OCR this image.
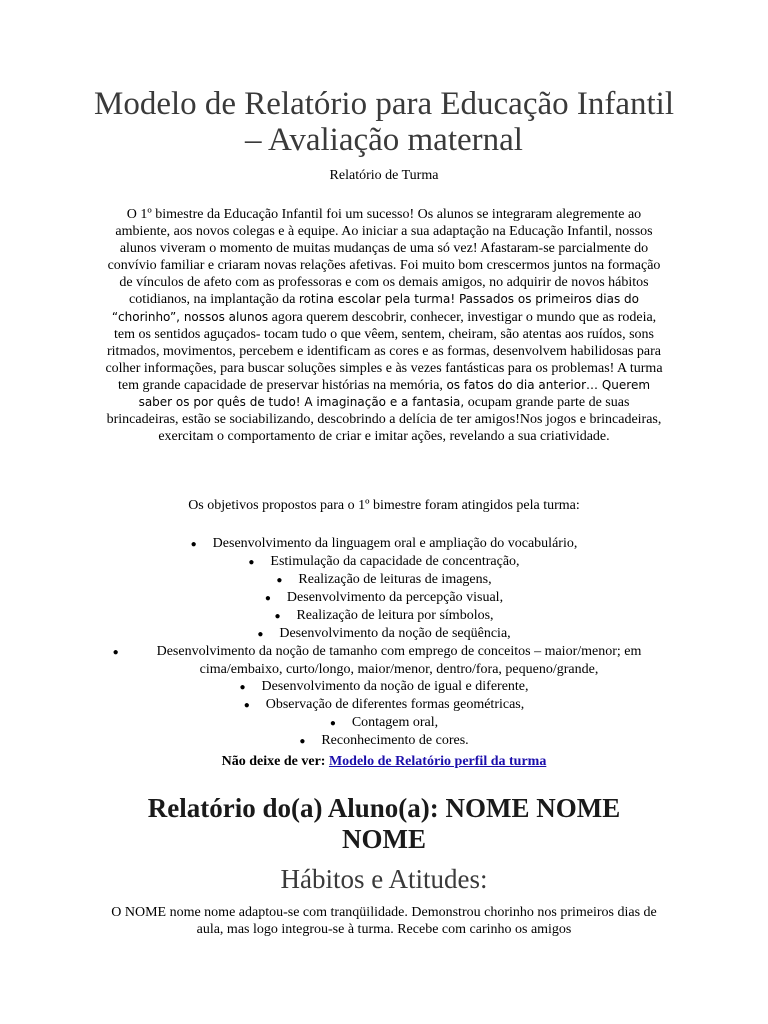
Modelo de Relatório para Educação Infantil – Avaliação maternal

Relatório de Turma

O 1º bimestre da Educação Infantil foi um sucesso! Os alunos se integraram alegremente ao ambiente, aos novos colegas e à equipe. Ao iniciar a sua adaptação na Educação Infantil, nossos alunos viveram o momento de muitas mudanças de uma só vez! Afastaram-se parcialmente do convívio familiar e criaram novas relações afetivas. Foi muito bom crescermos juntos na formação de vínculos de afeto com as professoras e com os demais amigos, no adquirir de novos hábitos cotidianos, na implantação da rotina escolar pela turma! Passados os primeiros dias do “chorinho”, nossos alunos agora querem descobrir, conhecer, investigar o mundo que as rodeia, tem os sentidos aguçados- tocam tudo o que vêem, sentem, cheiram, são atentas aos ruídos, sons ritmados, movimentos, percebem e identificam as cores e as formas, desenvolvem habilidosas para colher informações, para buscar soluções simples e às vezes fantásticas para os problemas! A turma tem grande capacidade de preservar histórias na memória, os fatos do dia anterior… Querem saber os por quês de tudo! A imaginação e a fantasia, ocupam grande parte de suas brincadeiras, estão se sociabilizando, descobrindo a delícia de ter amigos!Nos jogos e brincadeiras, exercitam o comportamento de criar e imitar ações, revelando a sua criatividade.

Os objetivos propostos para o 1º bimestre foram atingidos pela turma:

● Desenvolvimento da linguagem oral e ampliação do vocabulário,
● Estimulação da capacidade de concentração,
● Realização de leituras de imagens,
● Desenvolvimento da percepção visual,
● Realização de leitura por símbolos,
● Desenvolvimento da noção de seqüência,
●	Desenvolvimento da noção de tamanho com emprego de conceitos – maior/menor; em cima/embaixo, curto/longo, maior/menor, dentro/fora, pequeno/grande,
● Desenvolvimento da noção de igual e diferente,
● Observação de diferentes formas geométricas,
● Contagem oral,
● Reconhecimento de cores.

Não deixe de ver: Modelo de Relatório perfil da turma

Relatório do(a) Aluno(a): NOME NOME NOME
Hábitos e Atitudes:

O NOME nome nome adaptou-se com tranqüilidade. Demonstrou chorinho nos primeiros dias de aula, mas logo integrou-se à turma. Recebe com carinho os amigos
